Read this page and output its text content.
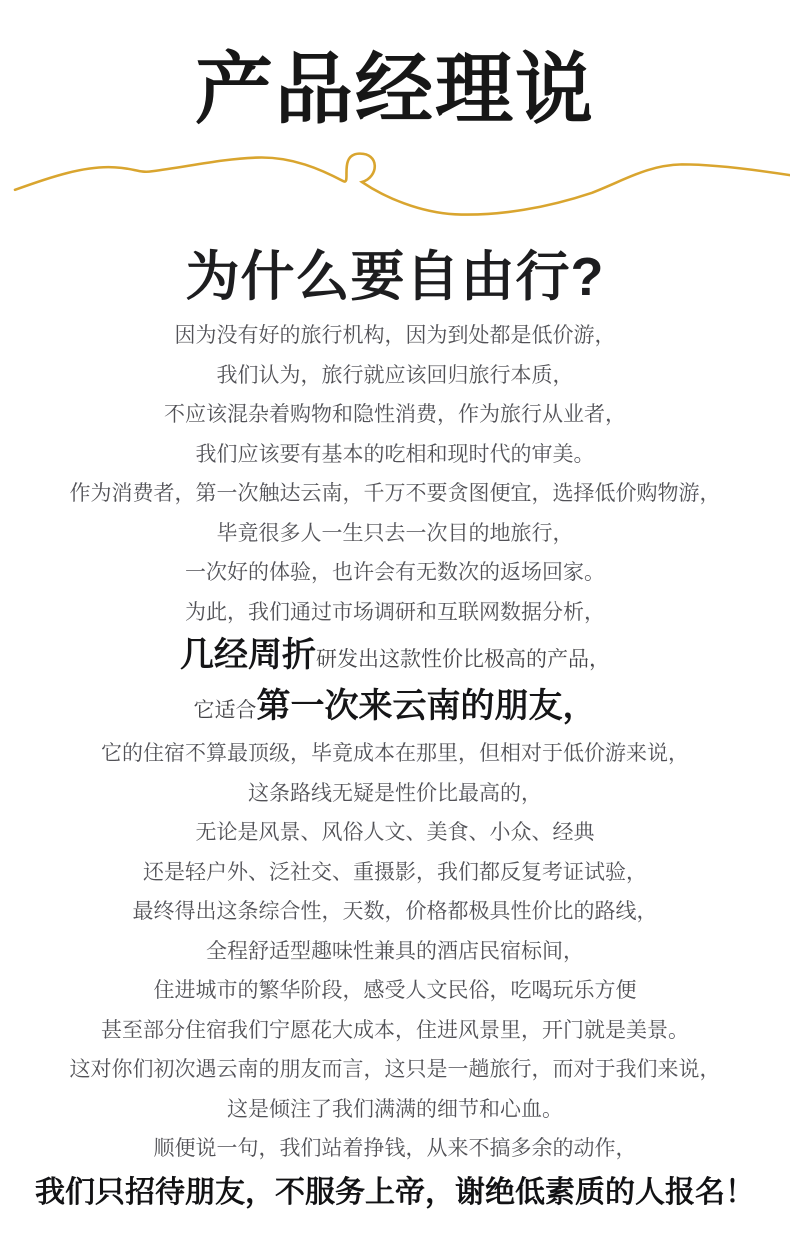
产品经理说
为什么要自由行?
因为没有好的旅行机构，因为到处都是低价游，
我们认为，旅行就应该回归旅行本质，
不应该混杂着购物和隐性消费，作为旅行从业者，
我们应该要有基本的吃相和现时代的审美。
作为消费者，第一次触达云南，千万不要贪图便宜，选择低价购物游，
毕竟很多人一生只去一次目的地旅行，
一次好的体验，也许会有无数次的返场回家。
为此，我们通过市场调研和互联网数据分析，
几经周折研发出这款性价比极高的产品，
它适合第一次来云南的朋友，
它的住宿不算最顶级，毕竟成本在那里，但相对于低价游来说，
这条路线无疑是性价比最高的，
无论是风景、风俗人文、美食、小众、经典
还是轻户外、泛社交、重摄影，我们都反复考证试验，
最终得出这条综合性，天数，价格都极具性价比的路线，
全程舒适型趣味性兼具的酒店民宿标间，
住进城市的繁华阶段，感受人文民俗，吃喝玩乐方便
甚至部分住宿我们宁愿花大成本，住进风景里，开门就是美景。
这对你们初次遇云南的朋友而言，这只是一趟旅行，而对于我们来说，
这是倾注了我们满满的细节和心血。
顺便说一句，我们站着挣钱，从来不搞多余的动作，
我们只招待朋友，不服务上帝，谢绝低素质的人报名！
